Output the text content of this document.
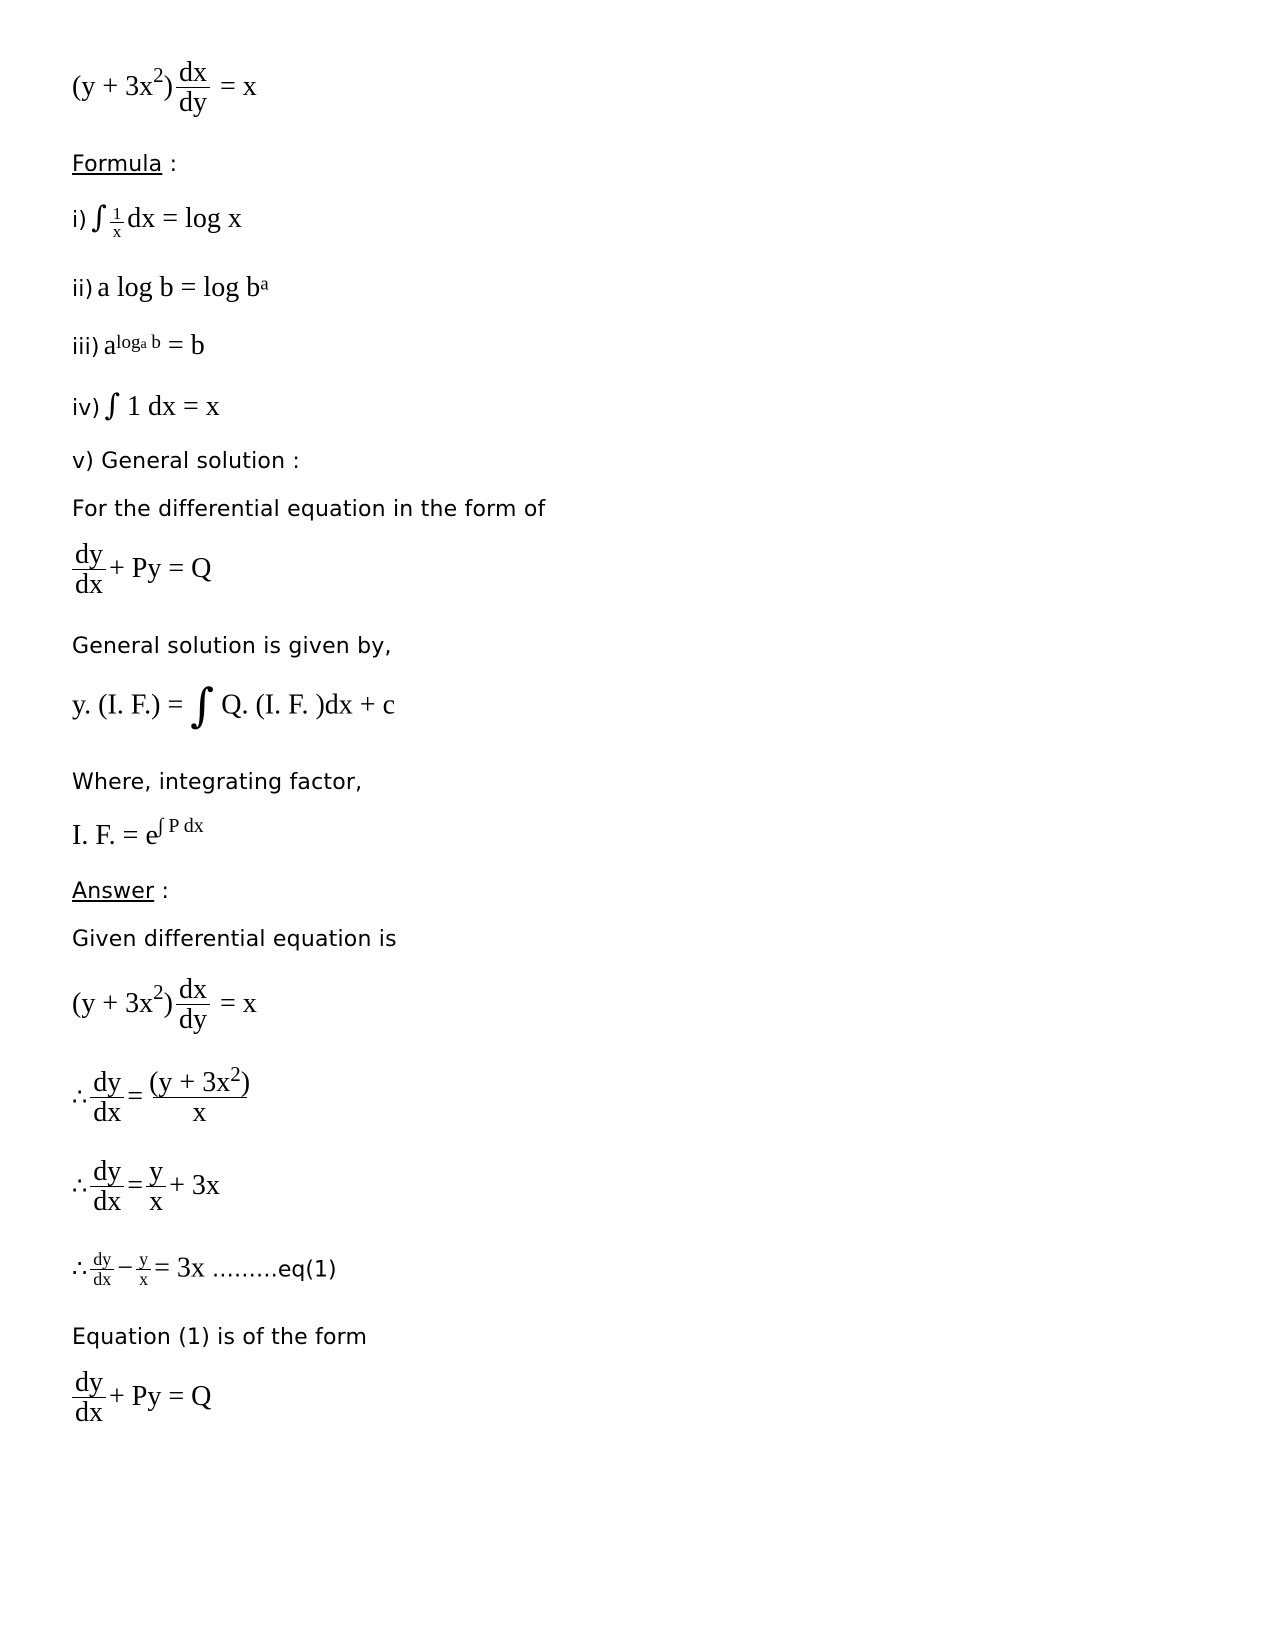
$(y + 3x^2) \frac{dx}{dy} = x$
Formula :
i) ∫ $\frac{1}{x}$ dx = log x
ii) a log b = log ba
iii) aloga b = b
iv) ∫ 1 dx = x
v) General solution :
For the differential equation in the form of
$\frac{dy}{dx} + Py = Q$
General solution is given by,
y. (I. F.) = ∫ Q. (I. F. )dx + c
Where, integrating factor,
I. F. = $e^{\int P dx}$
Answer :
Given differential equation is
$(y + 3x^2) \frac{dx}{dy} = x$
∴ $\frac{dy}{dx} = \frac{(y + 3x^2)}{x}$
∴ $\frac{dy}{dx} = \frac{y}{x} + 3x$
∴ $\frac{dy}{dx} - \frac{y}{x} = 3x$ ………eq(1)
Equation (1) is of the form
$\frac{dy}{dx} + Py = Q$
